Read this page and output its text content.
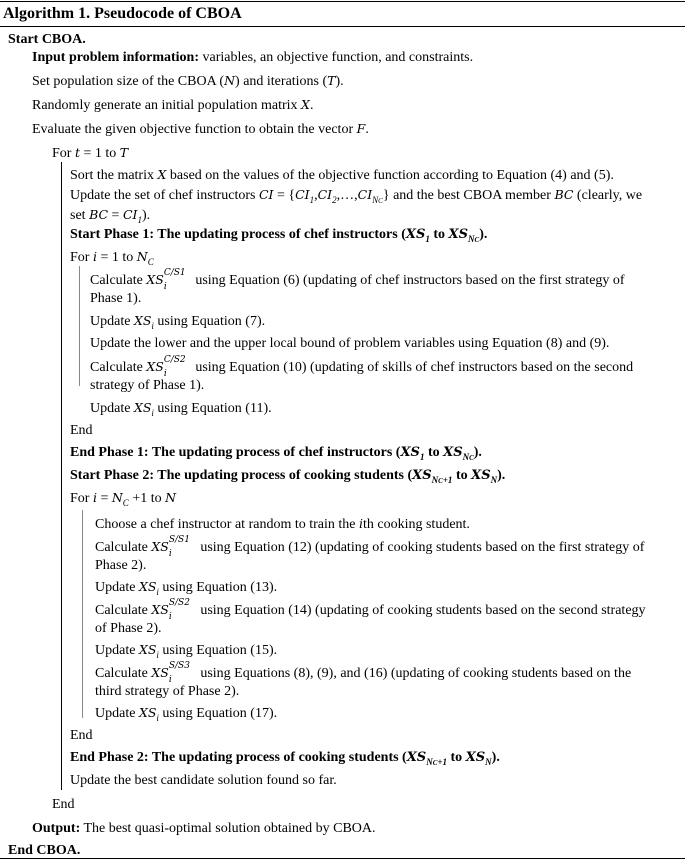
Algorithm 1. Pseudocode of CBOA
Start CBOA.
Input problem information: variables, an objective function, and constraints.
Set population size of the CBOA (N) and iterations (T).
Randomly generate an initial population matrix X.
Evaluate the given objective function to obtain the vector F.
For t = 1 to T
Sort the matrix X based on the values of the objective function according to Equation (4) and (5).
Update the set of chef instructors CI = $\{CI_1,CI_2,\dots,CI_{NC}\}$ and the best CBOA member BC (clearly, we
set BC = $CI_1$).
Start Phase 1: The updating process of chef instructors ($XS_1$ to $XS_{NC}$).
For i = 1 to $N_C$
Calculate XS C/S1
i using Equation (6) (updating of chef instructors based on the first strategy of
Phase 1).
Update $XS_i$ using Equation (7).
Update the lower and the upper local bound of problem variables using Equation (8) and (9).
Calculate XS C/S2
i using Equation (10) (updating of skills of chef instructors based on the second
strategy of Phase 1).
Update $XS_i$ using Equation (11).
End
End Phase 1: The updating process of chef instructors ($XS_1$ to $XS_{NC}$).
Start Phase 2: The updating process of cooking students ($XS_{NC+1}$ to $XS_N$).
For $i = N_C +1$ to N
Choose a chef instructor at random to train the ith cooking student.
Calculate XS S/S1
i using Equation (12) (updating of cooking students based on the first strategy of
Phase 2).
Update $XS_i$ using Equation (13).
Calculate XS S/S2
i using Equation (14) (updating of cooking students based on the second strategy
of Phase 2).
Update $XS_i$ using Equation (15).
Calculate XS S/S3
i using Equations (8), (9), and (16) (updating of cooking students based on the
third strategy of Phase 2).
Update $XS_i$ using Equation (17).
End
End Phase 2: The updating process of cooking students ($XS_{NC+1}$ to $XS_N$).
Update the best candidate solution found so far.
End
Output: The best quasi-optimal solution obtained by CBOA.
End CBOA.
